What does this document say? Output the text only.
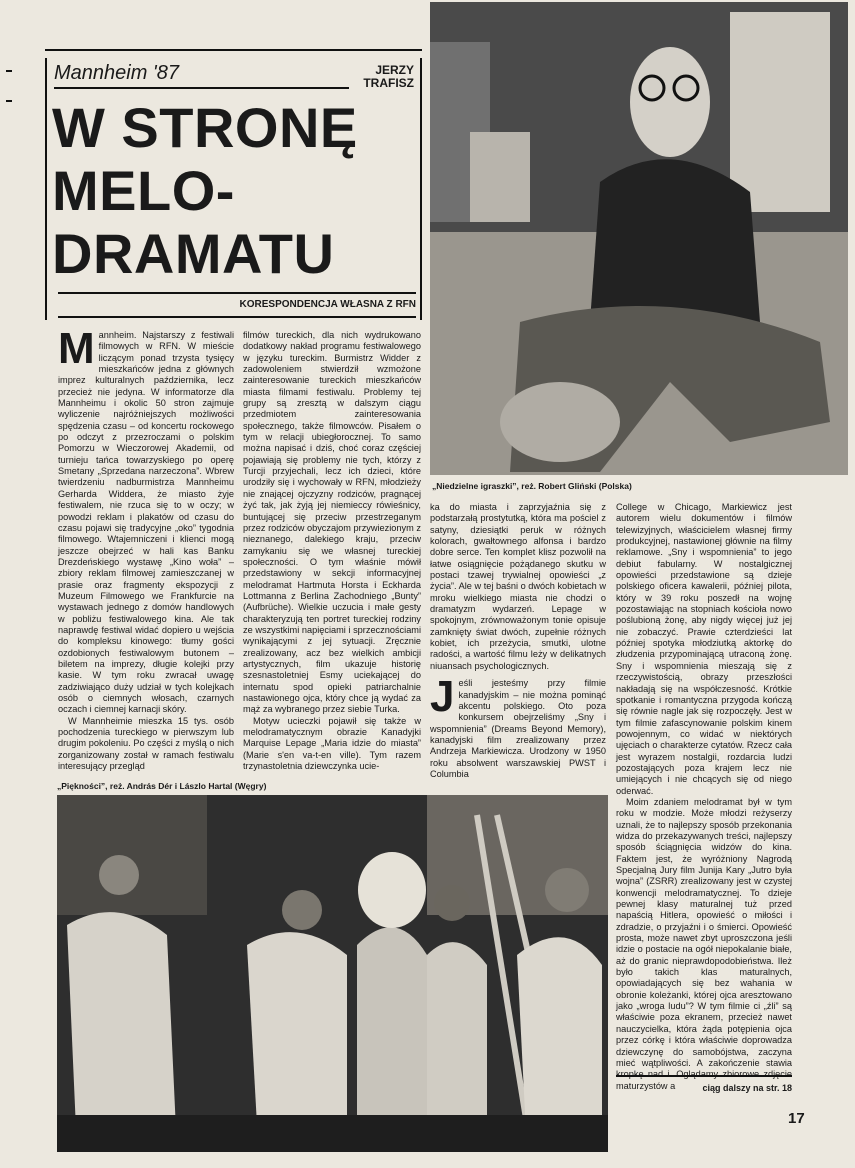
Mannheim '87	JERZY TRAFISZ
W STRONĘ
MELO-
DRAMATU
KORESPONDENCJA WŁASNA Z RFN
„Niedzielne igraszki”, reż. Robert Gliński (Polska)
M annheim. Najstarszy z festiwali filmowych w RFN. W mieście liczącym ponad trzysta tysięcy mieszkańców jedna z głównych imprez kulturalnych października, lecz przecież nie jedyna. W informatorze dla Mannheimu i okolic 50 stron zajmuje wyliczenie najróżniejszych możliwości spędzenia czasu – od koncertu rockowego po odczyt z przezroczami o polskim Pomorzu w Wieczorowej Akademii, od turnieju tańca towarzyskiego po operę Smetany „Sprzedana narzeczona”. Wbrew twierdzeniu nadburmistrza Mannheimu Gerharda Widdera, że miasto żyje festiwalem, nie rzuca się to w oczy; w powodzi reklam i plakatów od czasu do czasu pojawi się tradycyjne „oko” tygodnia filmowego. Wtajemniczeni i klienci mogą jeszcze obejrzeć w hali kas Banku Drezdeńskiego wystawę „Kino woła” – zbiory reklam filmowej zamieszczanej w prasie oraz fragmenty ekspozycji z Muzeum Filmowego we Frankfurcie na wystawach jednego z domów handlowych w pobliżu festiwalowego kina. Ale tak naprawdę festiwal widać dopiero u wejścia do kompleksu kinowego: tłumy gości ozdobionych festiwalowym butonem – biletem na imprezy, długie kolejki przy kasie. W tym roku zwracał uwagę zadziwiająco duży udział w tych kolejkach osób o ciemnych włosach, czarnych oczach i ciemnej karnacji skóry.

W Mannheimie mieszka 15 tys. osób pochodzenia tureckiego w pierwszym lub drugim pokoleniu. Po części z myślą o nich zorganizowany został w ramach festiwalu interesujący przegląd

filmów tureckich, dla nich wydrukowano dodatkowy nakład programu festiwalowego w języku tureckim. Burmistrz Widder z zadowoleniem stwierdził wzmożone zainteresowanie tureckich mieszkańców miasta filmami festiwalu. Problemy tej grupy są zresztą w dalszym ciągu przedmiotem zainteresowania społecznego, także filmowców. Pisałem o tym w relacji ubiegłorocznej. To samo można napisać i dziś, choć coraz częściej pojawiają się problemy nie tych, którzy z Turcji przyjechali, lecz ich dzieci, które urodziły się i wychowały w RFN, młodzieży nie znającej ojczyzny rodziców, pragnącej żyć tak, jak żyją jej niemieccy rówieśnicy, buntującej się przeciw przestrzeganym przez rodziców obyczajom przywiezionym z nieznanego, dalekiego kraju, przeciw zamykaniu się we własnej tureckiej społeczności. O tym właśnie mówił przedstawiony w sekcji informacyjnej melodramat Hartmuta Horsta i Eckharda Lottmanna z Berlina Zachodniego „Bunty” (Aufbrüche). Wielkie uczucia i małe gesty charakteryzują ten portret tureckiej rodziny ze wszystkimi napięciami i sprzecznościami wynikającymi z jej sytuacji. Zręcznie zrealizowany, acz bez wielkich ambicji artystycznych, film ukazuje historię szesnastoletniej Esmy uciekającej do internatu spod opieki patriarchalnie nastawionego ojca, który chce ją wydać za mąż za wybranego przez siebie Turka.

Motyw ucieczki pojawił się także w melodramatycznym obrazie Kanadyjki Marquise Lepage „Maria idzie do miasta” (Marie s'en va-t-en ville). Tym razem trzynastoletnia dziewczynka ucie-

ka do miasta i zaprzyjaźnia się z podstarzałą prostytutką, która ma pościel z satyny, dziesiątki peruk w różnych kolorach, gwałtownego alfonsa i bardzo dobre serce. Ten komplet klisz pozwolił na łatwe osiągnięcie pożądanego skutku w postaci tzawej trywialnej opowieści „z życia”. Ale w tej baśni o dwóch kobietach w mroku wielkiego miasta nie chodzi o dramatyzm wydarzeń. Lepage w spokojnym, zrównoważonym tonie opisuje zamknięty świat dwóch, zupełnie różnych kobiet, ich przeżycia, smutki, ulotne radości, a wartość filmu leży w delikatnych niuansach psychologicznych.

J eśli jesteśmy przy filmie kanadyjskim – nie można pominąć akcentu polskiego. Oto poza konkursem obejrzeliśmy „Sny i wspomnienia” (Dreams Beyond Memory), kanadyjski film zrealizowany przez Andrzeja Markiewicza. Urodzony w 1950 roku absolwent warszawskiej PWST i Columbia

College w Chicago, Markiewicz jest autorem wielu dokumentów i filmów telewizyjnych, właścicielem własnej firmy produkcyjnej, nastawionej głównie na filmy reklamowe. „Sny i wspomnienia” to jego debiut fabularny. W nostalgicznej opowieści przedstawione są dzieje polskiego oficera kawalerii, później pilota, który w 39 roku poszedł na wojnę pozostawiając na stopniach kościoła nowo poślubioną żonę, aby nigdy więcej już jej nie zobaczyć. Prawie czterdzieści lat później spotyka młodziutką aktorkę do złudzenia przypominającą utraconą żonę. Sny i wspomnienia mieszają się z rzeczywistością, obrazy przeszłości nakładają się na współczesność. Krótkie spotkanie i romantyczna przygoda kończą się równie nagle jak się rozpoczęły. Jest w tym filmie zafascynowanie polskim kinem powojennym, co widać w niektórych ujęciach o charakterze cytatów. Rzecz cała jest wyrazem nostalgii, rozdarcia ludzi pozostających poza krajem lecz nie umiejących i nie chcących się od niego oderwać.

Moim zdaniem melodramat był w tym roku w modzie. Może młodzi reżyserzy uznali, że to najlepszy sposób przekonania widza do przekazywanych treści, najlepszy sposób ściągnięcia widzów do kina. Faktem jest, że wyróżniony Nagrodą Specjalną Jury film Junija Kary „Jutro była wojna” (ZSRR) zrealizowany jest w czystej konwencji melodramatycznej. To dzieje pewnej klasy maturalnej tuż przed napaścią Hitlera, opowieść o miłości i zdradzie, o przyjaźni i o śmierci. Opowieść prosta, może nawet zbyt uproszczona jeśli idzie o postacie na ogół niepokalanie białe, aż do granic nieprawdopodobieństwa. Ileż było takich klas maturalnych, opowiadających się bez wahania w obronie koleżanki, której ojca aresztowano jako „wroga ludu”? W tym filmie ci „źli” są właściwie poza ekranem, przecież nawet nauczycielka, która żąda potępienia ojca przez córkę i która właściwie doprowadza dziewczynę do samobójstwa, zaczyna mieć wątpliwości. A zakończenie stawia maturzystów a

„Piękności”, reż. András Dér i Lászlo Hartal (Węgry)
ciąg dalszy na str. 18
17
